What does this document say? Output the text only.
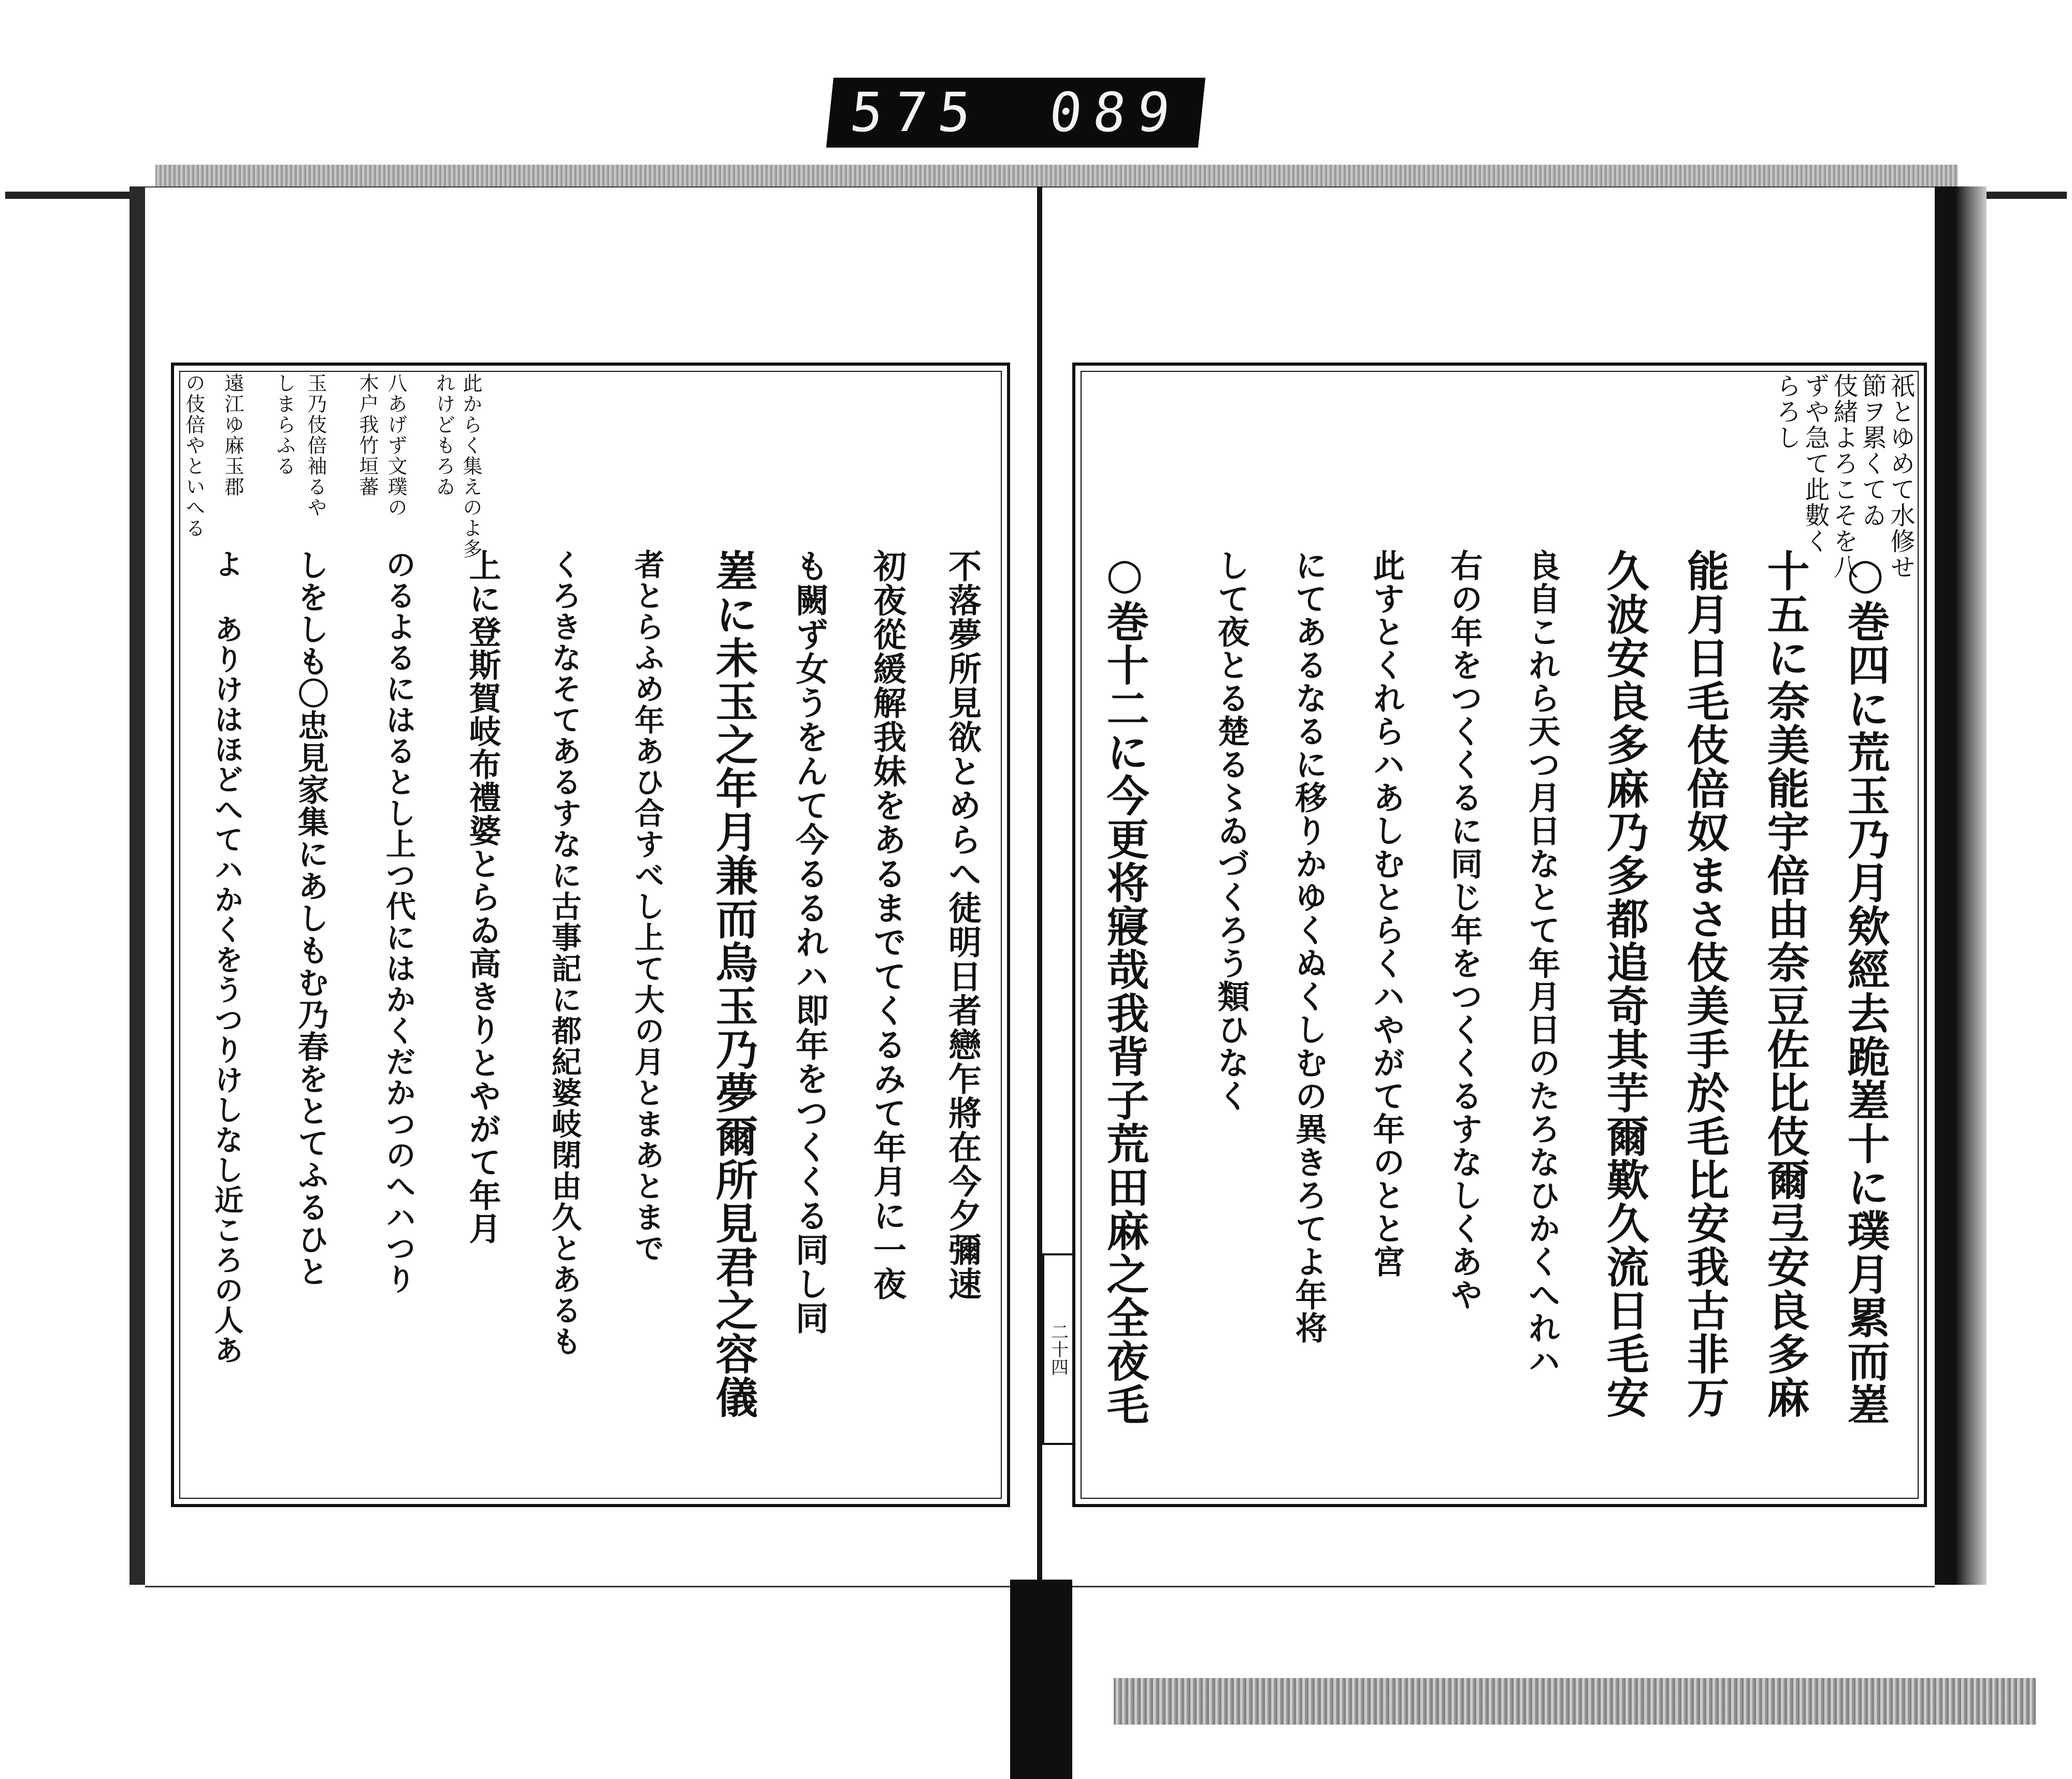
575 089
祇とゆめて水修せ
節ヲ累くてゐ
伎緒よろこそを八
ずや急て此數く
らろし
○巻四に荒玉乃月欸經去跪嵳十に璞月累而嵳
十五に奈美能宇倍由奈豆佐比伎爾弖安良多麻
能月日毛伎倍奴まさ伎美手於毛比安我古非万
久波安良多麻乃多都追奇其芋爾歎久流日毛安
良自これら天つ月日なとて年月日のたろなひかくへれハ
右の年をつくくるに同じ年をつくくるすなしくあや
此すとくれらハあしむとらくハやがて年のとと宮
にてあるなるに移りかゆくぬくしむの異きろてよ年将
して夜とる楚る〻ゐづくろう類ひなく
○巻十二に今更将寢哉我背子荒田麻之全夜毛
二十四
此からく集えのよ多
れけどもろゐ
八あげず文璞の
木户我竹垣蕃
玉乃伎倍袖るや
しまらふる
遠江ゆ麻玉郡
の伎倍やといへる
不落夢所見欲とめらへ徒明日者戀乍將在今夕彌速
初夜從緩解我妹をあるまでてくるみて年月に一夜
も闕ず女うをんて今るるれハ即年をつくくる同し同
嵳に未玉之年月兼而烏玉乃夢爾所見君之容儀
者とらふめ年あひ合すべし上て大の月とまあとまで
くろきなそてあるすなに古事記に都紀婆岐閉由久とあるも
上に登斯賀岐布禮婆とらゐ高きりとやがて年月
のるよるにはるとし上つ代にはかくだかつのへハつり
しをしも〇忠見家集にあしもむ乃春をとてふるひと
よ ありけはほどへてハかくをうつりけしなし近ころの人あ
